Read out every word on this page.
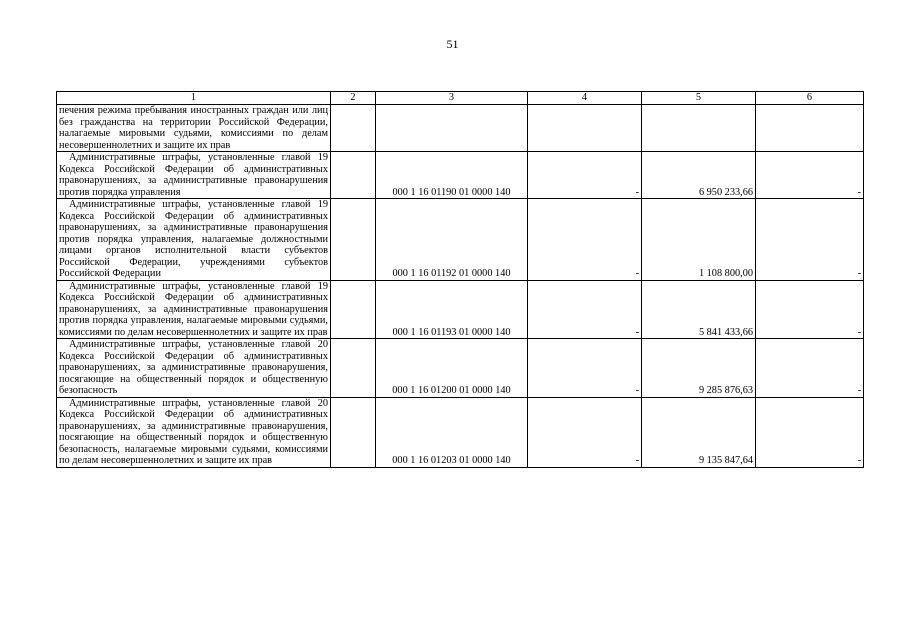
51
1	2	3	4	5	6
печения режима пребывания иностранных граждан или лиц без гражданства на территории Российской Федерации, налагаемые мировыми судьями, комиссиями по делам несовершеннолетних и защите их прав					

Административные штрафы, установленные главой 19 Кодекса Российской Федерации об административных правонарушениях, за административные правонарушения против порядка управления		000 1 16 01190 01 0000 140	-	6 950 233,66	-

Административные штрафы, установленные главой 19 Кодекса Российской Федерации об административных правонарушениях, за административные правонарушения против порядка управления, налагаемые должностными лицами органов исполнительной власти субъектов Российской Федерации, учреждениями субъектов Российской Федерации		000 1 16 01192 01 0000 140	-	1 108 800,00	-

Административные штрафы, установленные главой 19 Кодекса Российской Федерации об административных правонарушениях, за административные правонарушения против порядка управления, налагаемые мировыми судьями, комиссиями по делам несовершеннолетних и защите их прав		000 1 16 01193 01 0000 140	-	5 841 433,66	-

Административные штрафы, установленные главой 20 Кодекса Российской Федерации об административных правонарушениях, за административные правонарушения, посягающие на общественный порядок и общественную безопасность		000 1 16 01200 01 0000 140	-	9 285 876,63	-

Административные штрафы, установленные главой 20 Кодекса Российской Федерации об административных правонарушениях, за административные правонарушения, посягающие на общественный порядок и общественную безопасность, налагаемые мировыми судьями, комиссиями по делам несовершеннолетних и защите их прав		000 1 16 01203 01 0000 140	-	9 135 847,64	-
